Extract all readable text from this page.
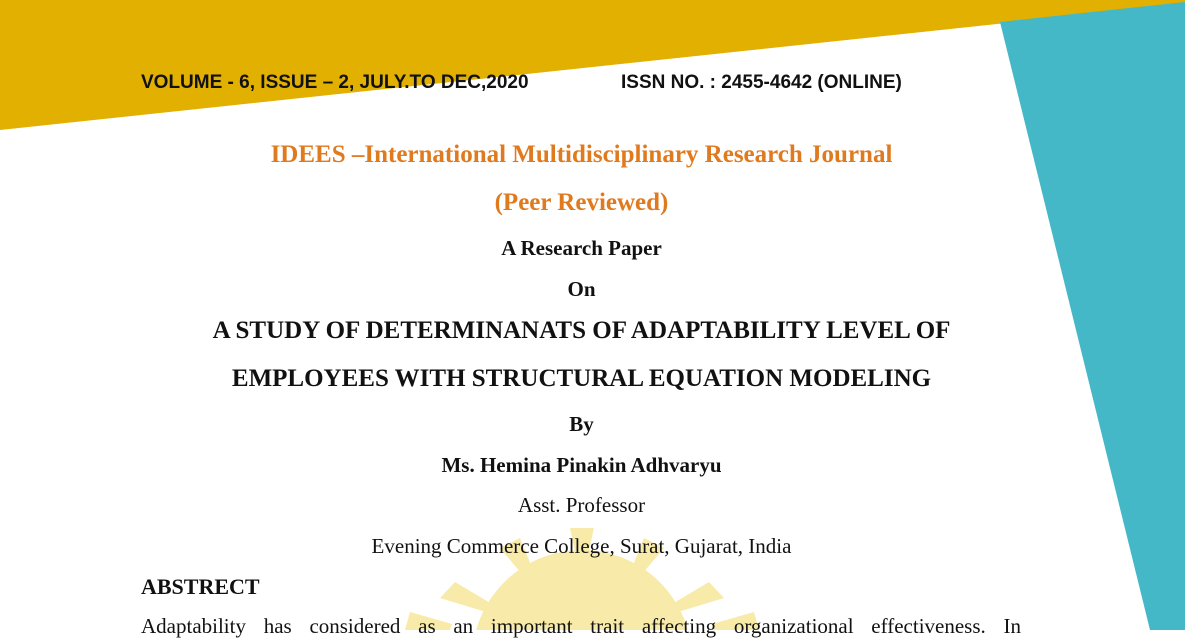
VOLUME - 6, ISSUE – 2, JULY.TO DEC,2020	ISSN NO. : 2455-4642 (ONLINE)
IDEES –International Multidisciplinary Research Journal
(Peer Reviewed)
A Research Paper
On
A STUDY OF DETERMINANATS OF ADAPTABILITY LEVEL OF
EMPLOYEES WITH STRUCTURAL EQUATION MODELING
By
Ms. Hemina Pinakin Adhvaryu
Asst. Professor
Evening Commerce College, Surat, Gujarat, India
ABSTRECT
Adaptability has considered as an important trait affecting organizational effectiveness. In
